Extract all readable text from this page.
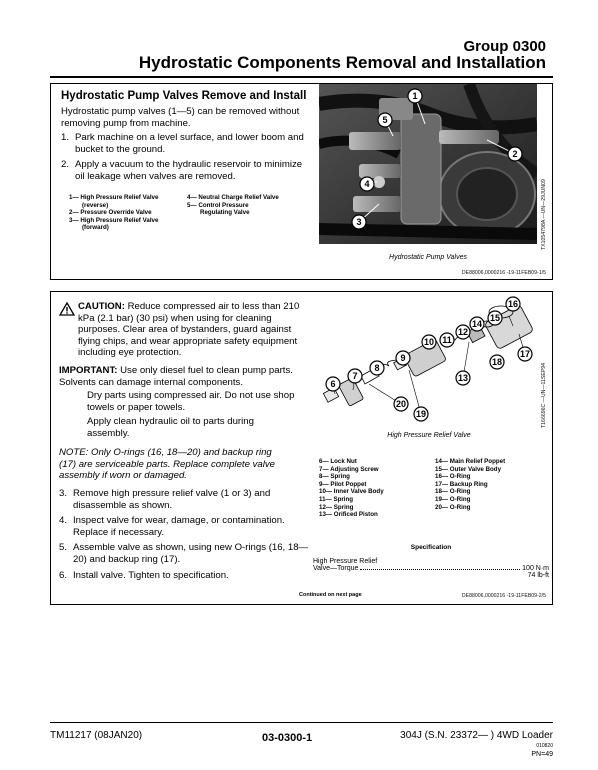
Group 0300
Hydrostatic Components Removal and Installation
Hydrostatic Pump Valves Remove and Install
Hydrostatic pump valves (1—5) can be removed without removing pump from machine.
1. Park machine on a level surface, and lower boom and bucket to the ground.
2. Apply a vacuum to the hydraulic reservoir to minimize oil leakage when valves are removed.
1— High Pressure Relief Valve
(reverse)
2— Pressure Override Valve
3— High Pressure Relief Valve
(forward)
4— Neutral Charge Relief Valve
5— Control Pressure
Regulating Valve
1
2
3
4
5
TX1054798A —UN—29JUN09
Hydrostatic Pump Valves
DE88006,0000216 -19-11FEB09-1/5
CAUTION: Reduce compressed air to less than 210 kPa (2.1 bar) (30 psi) when using for cleaning purposes. Clear area of bystanders, guard against flying chips, and wear appropriate safety equipment including eye protection.
IMPORTANT: Use only diesel fuel to clean pump parts. Solvents can damage internal components.
Dry parts using compressed air. Do not use shop towels or paper towels.
Apply clean hydraulic oil to parts during assembly.
NOTE: Only O-rings (16, 18—20) and backup ring (17) are serviceable parts. Replace complete valve assembly if worn or damaged.
3. Remove high pressure relief valve (1 or 3) and disassemble as shown.
4. Inspect valve for wear, damage, or contamination. Replace if necessary.
5. Assemble valve as shown, using new O-rings (16, 18—20) and backup ring (17).
6. Install valve. Tighten to specification.
6
7
8
9
10 11
12
13
14
15
16
17
18
19
20	T166696C —UN—11SEP94
High Pressure Relief Valve
6— Lock Nut
7— Adjusting Screw
8— Spring
9— Pilot Poppet
10— Inner Valve Body
11— Spring
12— Spring
13— Orificed Piston
14— Main Relief Poppet
15— Outer Valve Body
16— O-Ring
17— Backup Ring
18— O-Ring
19— O-Ring
20— O-Ring
Specification
High Pressure Relief
Valve—Torque	100 N·m
74 lb-ft
Continued on next page	DE88006,0000216 -19-11FEB09-2/5
TM11217 (08JAN20)	03-0300-1	304J (S.N. 23372— ) 4WD Loader
010820
PN=49
